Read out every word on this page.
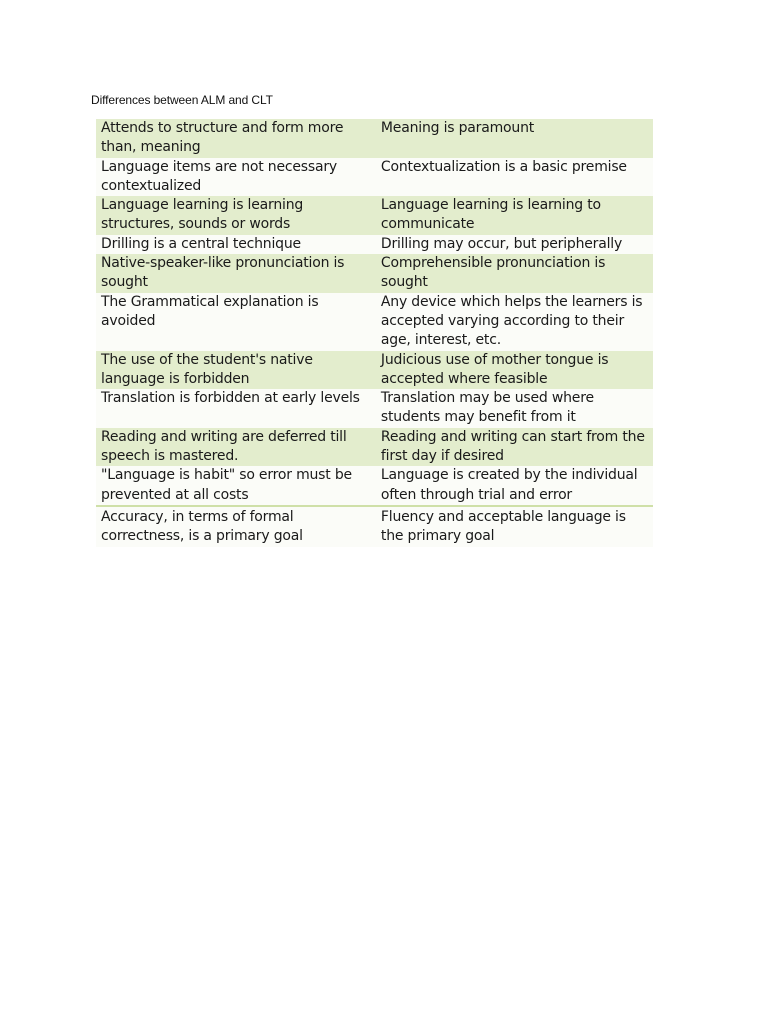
Differences between ALM and CLT
Attends to structure and form more than, meaning	Meaning is paramount
Language items are not necessary contextualized	Contextualization is a basic premise
Language learning is learning structures, sounds or words	Language learning is learning to communicate
Drilling is a central technique	Drilling may occur, but peripherally
Native-speaker-like pronunciation is sought	Comprehensible pronunciation is sought
The Grammatical explanation is avoided	Any device which helps the learners is accepted varying according to their age, interest, etc.
The use of the student's native language is forbidden	Judicious use of mother tongue is accepted where feasible
Translation is forbidden at early levels	Translation may be used where students may benefit from it
Reading and writing are deferred till speech is mastered.	Reading and writing can start from the first day if desired
"Language is habit" so error must be prevented at all costs	Language is created by the individual often through trial and error
Accuracy, in terms of formal correctness, is a primary goal	Fluency and acceptable language is the primary goal
